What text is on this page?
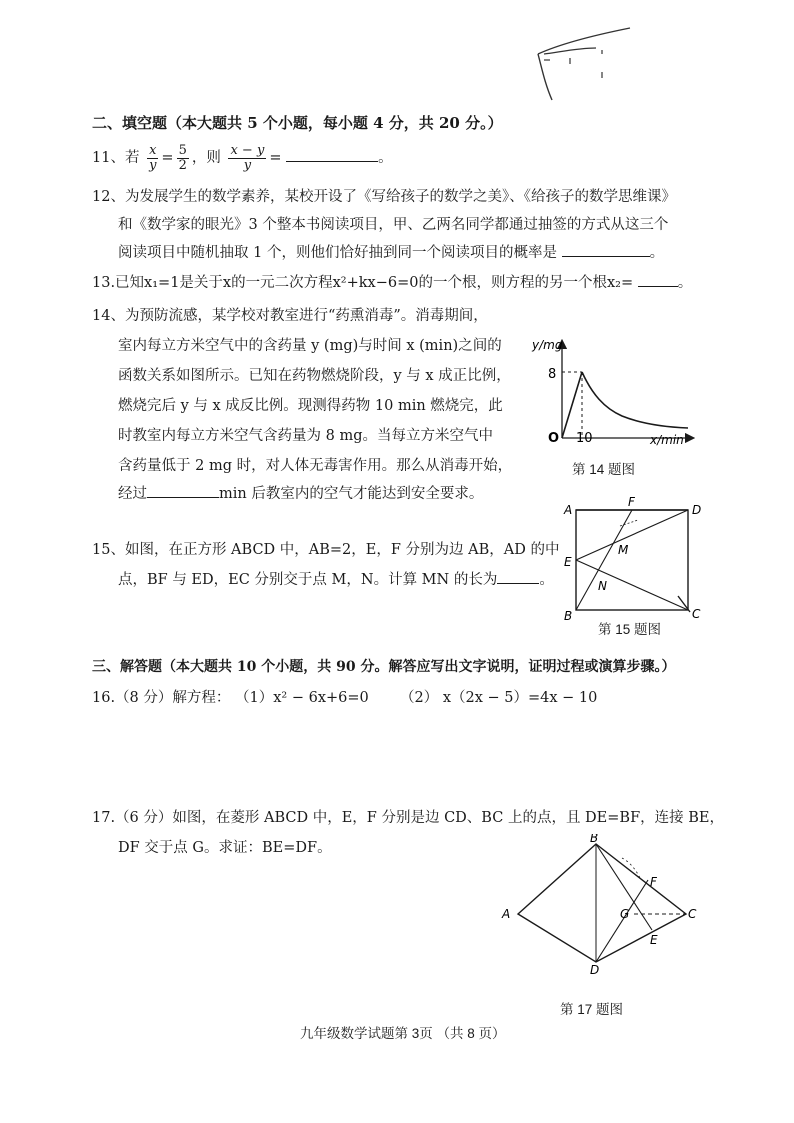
二、填空题（本大题共 5 个小题，每小题 4 分，共 20 分。）
11、若 $\frac{x}{y} = \frac{5}{2}$ ，则 $\frac{x - y}{y}$ =	。
12、为发展学生的数学素养，某校开设了《写给孩子的数学之美》、《给孩子的数学思维课》
和《数学家的眼光》3 个整本书阅读项目，甲、乙两名同学都通过抽签的方式从这三个
阅读项目中随机抽取 1 个，则他们恰好抽到同一个阅读项目的概率是	。
13.已知x₁=1是关于x的一元二次方程x²+kx−6=0的一个根，则方程的另一个根x₂=	。
14、为预防流感，某学校对教室进行“药熏消毒”。消毒期间，
室内每立方米空气中的含药量 y (mg)与时间 x (min)之间的
函数关系如图所示。已知在药物燃烧阶段，y 与 x 成正比例，
燃烧完后 y 与 x 成反比例。现测得药物 10 min 燃烧完，此
时教室内每立方米空气含药量为 8 mg。当每立方米空气中
含药量低于 2 mg 时，对人体无毒害作用。那么从消毒开始，
经过	min 后教室内的空气才能达到安全要求。
y/mg
x/min
O
8
10
第 14 题图
15、如图，在正方形 ABCD 中，AB=2，E，F 分别为边 AB，AD 的中
点，BF 与 ED，EC 分别交于点 M，N。计算 MN 的长为	。
A	D
F
E
M
N
B	C
第 15 题图
三、解答题（本大题共 10 个小题，共 90 分。解答应写出文字说明，证明过程或演算步骤。）
16.（8 分）解方程： （1）x² − 6x+6=0 （2） x（2x − 5）=4x − 10
17.（6 分）如图，在菱形 ABCD 中，E，F 分别是边 CD、BC 上的点，且 DE=BF，连接 BE，
DF 交于点 G。求证：BE=DF。
A
B
C
D
F
G
E
第 17 题图
九年级数学试题第 3页 （共 8 页）
